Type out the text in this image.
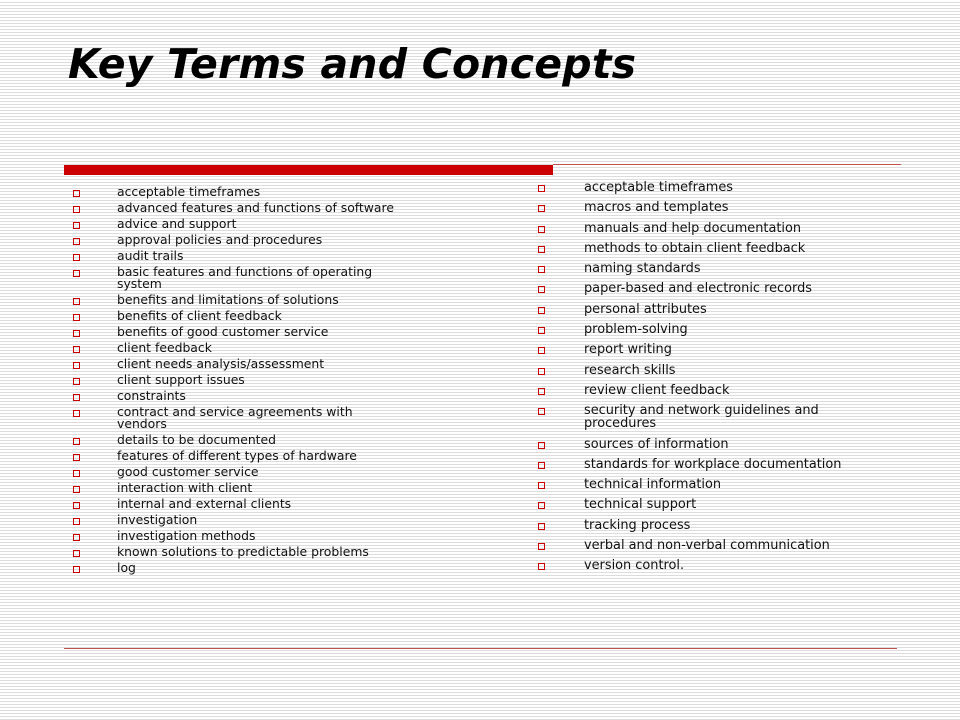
Key Terms and Concepts
acceptable timeframes
advanced features and functions of software
advice and support
approval policies and procedures
audit trails
basic features and functions of operating system
benefits and limitations of solutions
benefits of client feedback
benefits of good customer service
client feedback
client needs analysis/assessment
client support issues
constraints
contract and service agreements with vendors
details to be documented
features of different types of hardware
good customer service
interaction with client
internal and external clients
investigation
investigation methods
known solutions to predictable problems
log
acceptable timeframes
macros and templates
manuals and help documentation
methods to obtain client feedback
naming standards
paper-based and electronic records
personal attributes
problem-solving
report writing
research skills
review client feedback
security and network guidelines and procedures
sources of information
standards for workplace documentation
technical information
technical support
tracking process
verbal and non-verbal communication
version control.
